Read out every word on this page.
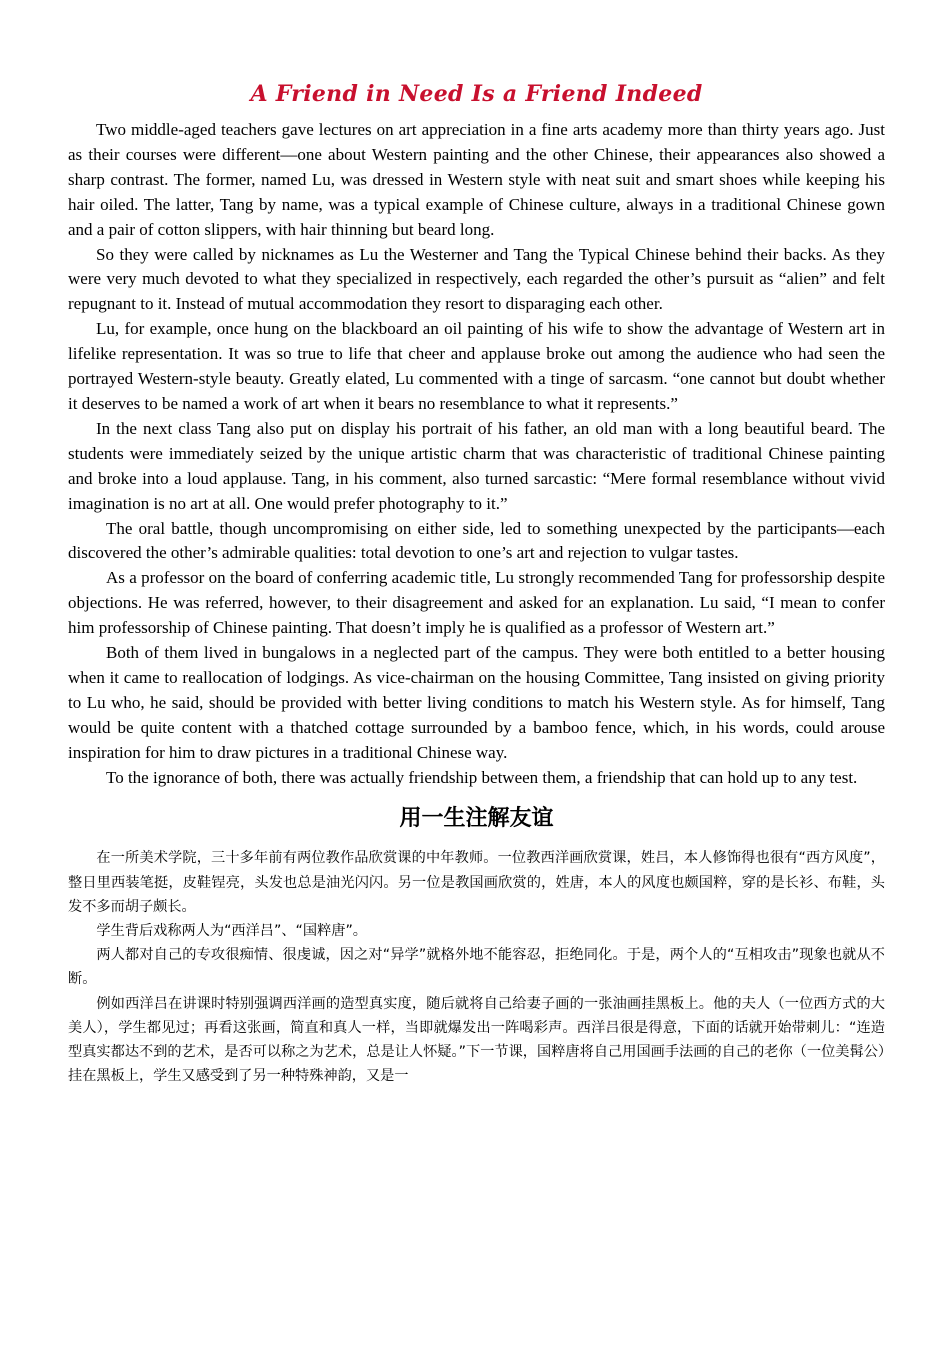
A Friend in Need Is a Friend Indeed

Two middle-aged teachers gave lectures on art appreciation in a fine arts academy more than thirty years ago. Just as their courses were different—one about Western painting and the other Chinese, their appearances also showed a sharp contrast. The former, named Lu, was dressed in Western style with neat suit and smart shoes while keeping his hair oiled. The latter, Tang by name, was a typical example of Chinese culture, always in a traditional Chinese gown and a pair of cotton slippers, with hair thinning but beard long.

So they were called by nicknames as Lu the Westerner and Tang the Typical Chinese behind their backs. As they were very much devoted to what they specialized in respectively, each regarded the other’s pursuit as “alien” and felt repugnant to it. Instead of mutual accommodation they resort to disparaging each other.

Lu, for example, once hung on the blackboard an oil painting of his wife to show the advantage of Western art in lifelike representation. It was so true to life that cheer and applause broke out among the audience who had seen the portrayed Western-style beauty. Greatly elated, Lu commented with a tinge of sarcasm. “one cannot but doubt whether it deserves to be named a work of art when it bears no resemblance to what it represents.”

In the next class Tang also put on display his portrait of his father, an old man with a long beautiful beard. The students were immediately seized by the unique artistic charm that was characteristic of traditional Chinese painting and broke into a loud applause. Tang, in his comment, also turned sarcastic: “Mere formal resemblance without vivid imagination is no art at all. One would prefer photography to it.”

The oral battle, though uncompromising on either side, led to something unexpected by the participants—each discovered the other’s admirable qualities: total devotion to one’s art and rejection to vulgar tastes.

As a professor on the board of conferring academic title, Lu strongly recommended Tang for professorship despite objections. He was referred, however, to their disagreement and asked for an explanation. Lu said, “I mean to confer him professorship of Chinese painting. That doesn’t imply he is qualified as a professor of Western art.”

Both of them lived in bungalows in a neglected part of the campus. They were both entitled to a better housing when it came to reallocation of lodgings. As vice-chairman on the housing Committee, Tang insisted on giving priority to Lu who, he said, should be provided with better living conditions to match his Western style. As for himself, Tang would be quite content with a thatched cottage surrounded by a bamboo fence, which, in his words, could arouse inspiration for him to draw pictures in a traditional Chinese way.

To the ignorance of both, there was actually friendship between them, a friendship that can hold up to any test.

用一生注解友谊

在一所美术学院，三十多年前有两位教作品欣赏课的中年教师。一位教西洋画欣赏课，姓吕，本人修饰得也很有“西方风度”，整日里西装笔挺，皮鞋锃亮，头发也总是油光闪闪。另一位是教国画欣赏的，姓唐，本人的风度也颇国粹，穿的是长衫、布鞋，头发不多而胡子颇长。

学生背后戏称两人为“西洋吕”、“国粹唐”。

两人都对自己的专攻很痴情、很虔诚，因之对“异学”就格外地不能容忍，拒绝同化。于是，两个人的“互相攻击”现象也就从不断。

例如西洋吕在讲课时特别强调西洋画的造型真实度，随后就将自己给妻子画的一张油画挂黑板上。他的夫人（一位西方式的大美人），学生都见过；再看这张画，简直和真人一样，当即就爆发出一阵喝彩声。西洋吕很是得意，下面的话就开始带刺儿：“连造型真实都达不到的艺术，是否可以称之为艺术，总是让人怀疑。”下一节课，国粹唐将自己用国画手法画的自己的老你（一位美髯公）挂在黑板上，学生又感受到了另一种特殊神韵，又是一
